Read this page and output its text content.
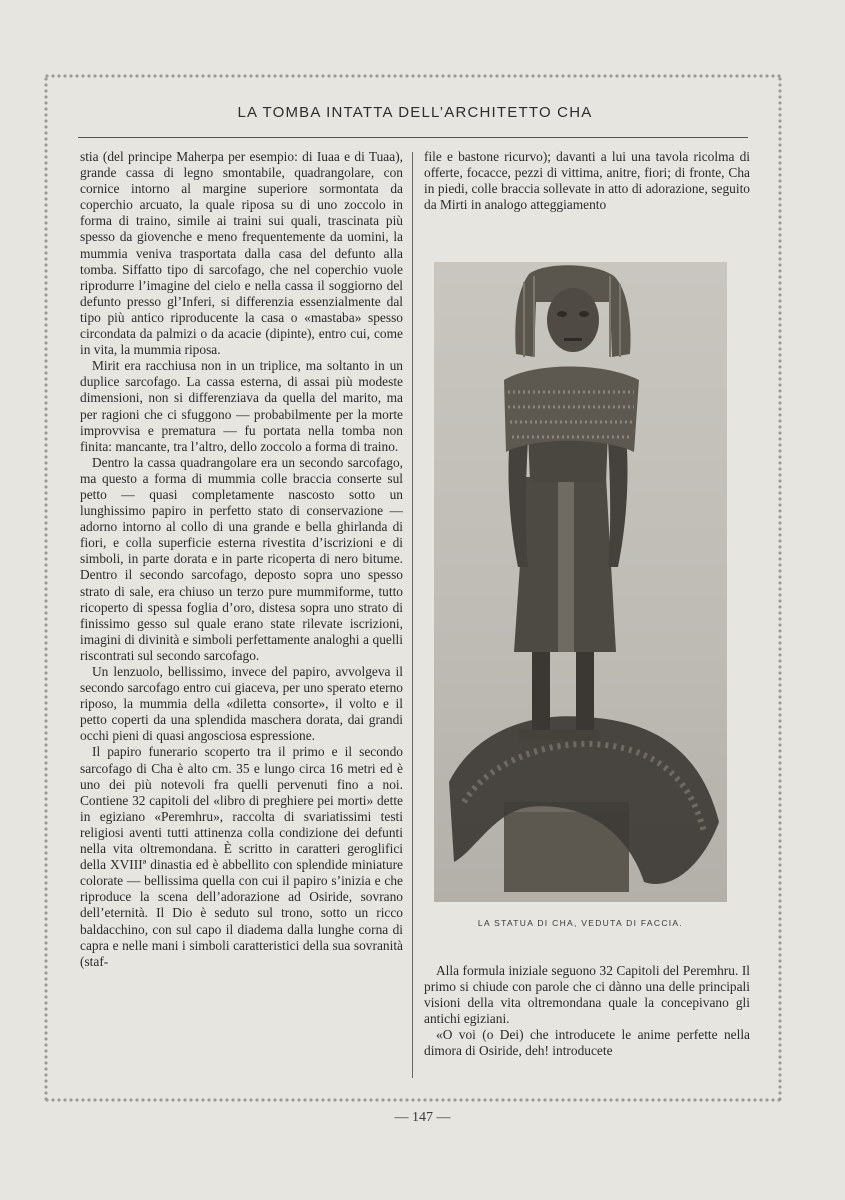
LA TOMBA INTATTA DELL’ARCHITETTO CHA

stia (del principe Maherpa per esempio: di Iuaa e di Tuaa), grande cassa di legno smontabile, quadrangolare, con cornice intorno al margine superiore sormontata da coperchio arcuato, la quale riposa su di uno zoccolo in forma di traino, simile ai traini sui quali, trascinata più spesso da giovenche e meno frequentemente da uomini, la mummia veniva trasportata dalla casa del defunto alla tomba. Siffatto tipo di sarcofago, che nel coperchio vuole riprodurre l’imagine del cielo e nella cassa il soggiorno del defunto presso gl’Inferi, si differenzia essenzialmente dal tipo più antico riproducente la casa o «mastaba» spesso circondata da palmizi o da acacie (dipinte), entro cui, come in vita, la mummia riposa.

Mirit era racchiusa non in un triplice, ma soltanto in un duplice sarcofago. La cassa esterna, di assai più modeste dimensioni, non si differenziava da quella del marito, ma per ragioni che ci sfuggono — probabilmente per la morte improvvisa e prematura — fu portata nella tomba non finita: mancante, tra l’altro, dello zoccolo a forma di traino.

Dentro la cassa quadrangolare era un secondo sarcofago, ma questo a forma di mummia colle braccia conserte sul petto — quasi completamente nascosto sotto un lunghissimo papiro in perfetto stato di conservazione — adorno intorno al collo di una grande e bella ghirlanda di fiori, e colla superficie esterna rivestita d’iscrizioni e di simboli, in parte dorata e in parte ricoperta di nero bitume. Dentro il secondo sarcofago, deposto sopra uno spesso strato di sale, era chiuso un terzo pure mummiforme, tutto ricoperto di spessa foglia d’oro, distesa sopra uno strato di finissimo gesso sul quale erano state rilevate iscrizioni, imagini di divinità e simboli perfettamente analoghi a quelli riscontrati sul secondo sarcofago.

Un lenzuolo, bellissimo, invece del papiro, avvolgeva il secondo sarcofago entro cui giaceva, per uno sperato eterno riposo, la mummia della «diletta consorte», il volto e il petto coperti da una splendida maschera dorata, dai grandi occhi pieni di quasi angosciosa espressione.

Il papiro funerario scoperto tra il primo e il secondo sarcofago di Cha è alto cm. 35 e lungo circa 16 metri ed è uno dei più notevoli fra quelli pervenuti fino a noi. Contiene 32 capitoli del «libro di preghiere pei morti» dette in egiziano «Peremhru», raccolta di svariatissimi testi religiosi aventi tutti attinenza colla condizione dei defunti nella vita oltremondana. È scritto in caratteri geroglifici della XVIIIª dinastia ed è abbellito con splendide miniature colorate — bellissima quella con cui il papiro s’inizia e che riproduce la scena dell’adorazione ad Osiride, sovrano dell’eternità. Il Dio è seduto sul trono, sotto un ricco baldacchino, con sul capo il diadema dalla lunghe corna di capra e nelle mani i simboli caratteristici della sua sovranità (staf-

file e bastone ricurvo); davanti a lui una tavola ricolma di offerte, focacce, pezzi di vittima, anitre, fiori; di fronte, Cha in piedi, colle braccia sollevate in atto di adorazione, seguito da Mirti in analogo atteggiamento

LA STATUA DI CHA, VEDUTA DI FACCIA.

Alla formula iniziale seguono 32 Capitoli del Peremhru. Il primo si chiude con parole che ci dànno una delle principali visioni della vita oltremondana quale la concepivano gli antichi egiziani.

«O voi (o Dei) che introducete le anime perfette nella dimora di Osiride, deh! introducete

— 147 —
